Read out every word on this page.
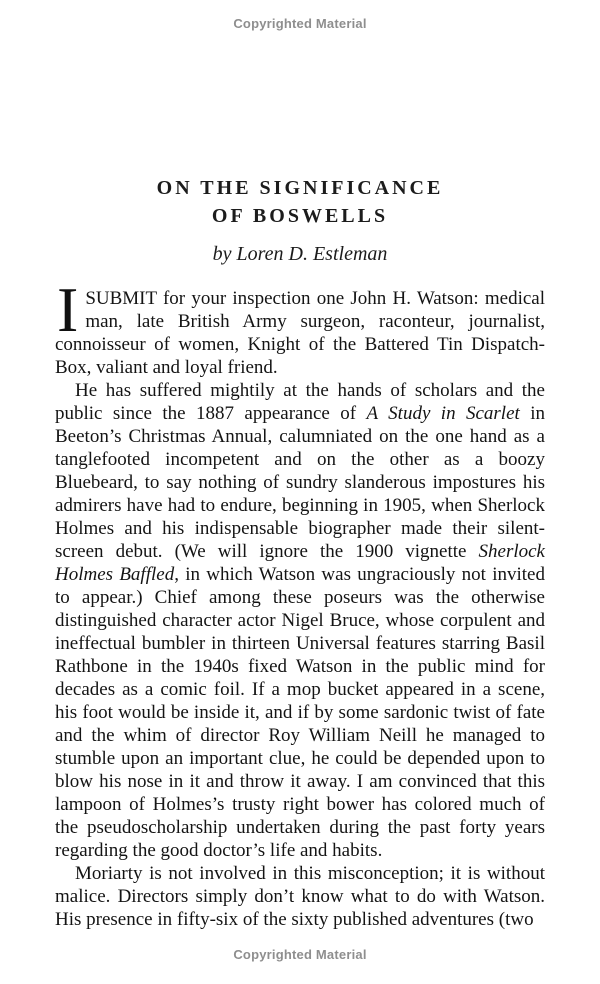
Copyrighted Material
ON THE SIGNIFICANCE
OF BOSWELLS
by Loren D. Estleman

ISUBMIT for your inspection one John H. Watson: medical man, late British Army surgeon, raconteur, journalist, connoisseur of women, Knight of the Battered Tin Dispatch-Box, valiant and loyal friend.

He has suffered mightily at the hands of scholars and the public since the 1887 appearance of A Study in Scarlet in Beeton’s Christmas Annual, calumniated on the one hand as a tanglefooted incompetent and on the other as a boozy Bluebeard, to say nothing of sundry slanderous impostures his admirers have had to endure, beginning in 1905, when Sherlock Holmes and his indispensable biographer made their silent-screen debut. (We will ignore the 1900 vignette Sherlock Holmes Baffled, in which Watson was ungraciously not invited to appear.) Chief among these poseurs was the otherwise distinguished character actor Nigel Bruce, whose corpulent and ineffectual bumbler in thirteen Universal features starring Basil Rathbone in the 1940s fixed Watson in the public mind for decades as a comic foil. If a mop bucket appeared in a scene, his foot would be inside it, and if by some sardonic twist of fate and the whim of director Roy William Neill he managed to stumble upon an important clue, he could be depended upon to blow his nose in it and throw it away. I am convinced that this lampoon of Holmes’s trusty right bower has colored much of the pseudoscholarship undertaken during the past forty years regarding the good doctor’s life and habits.

Moriarty is not involved in this misconception; it is without malice. Directors simply don’t know what to do with Watson. His presence in fifty-six of the sixty published adventures (two

Copyrighted Material
